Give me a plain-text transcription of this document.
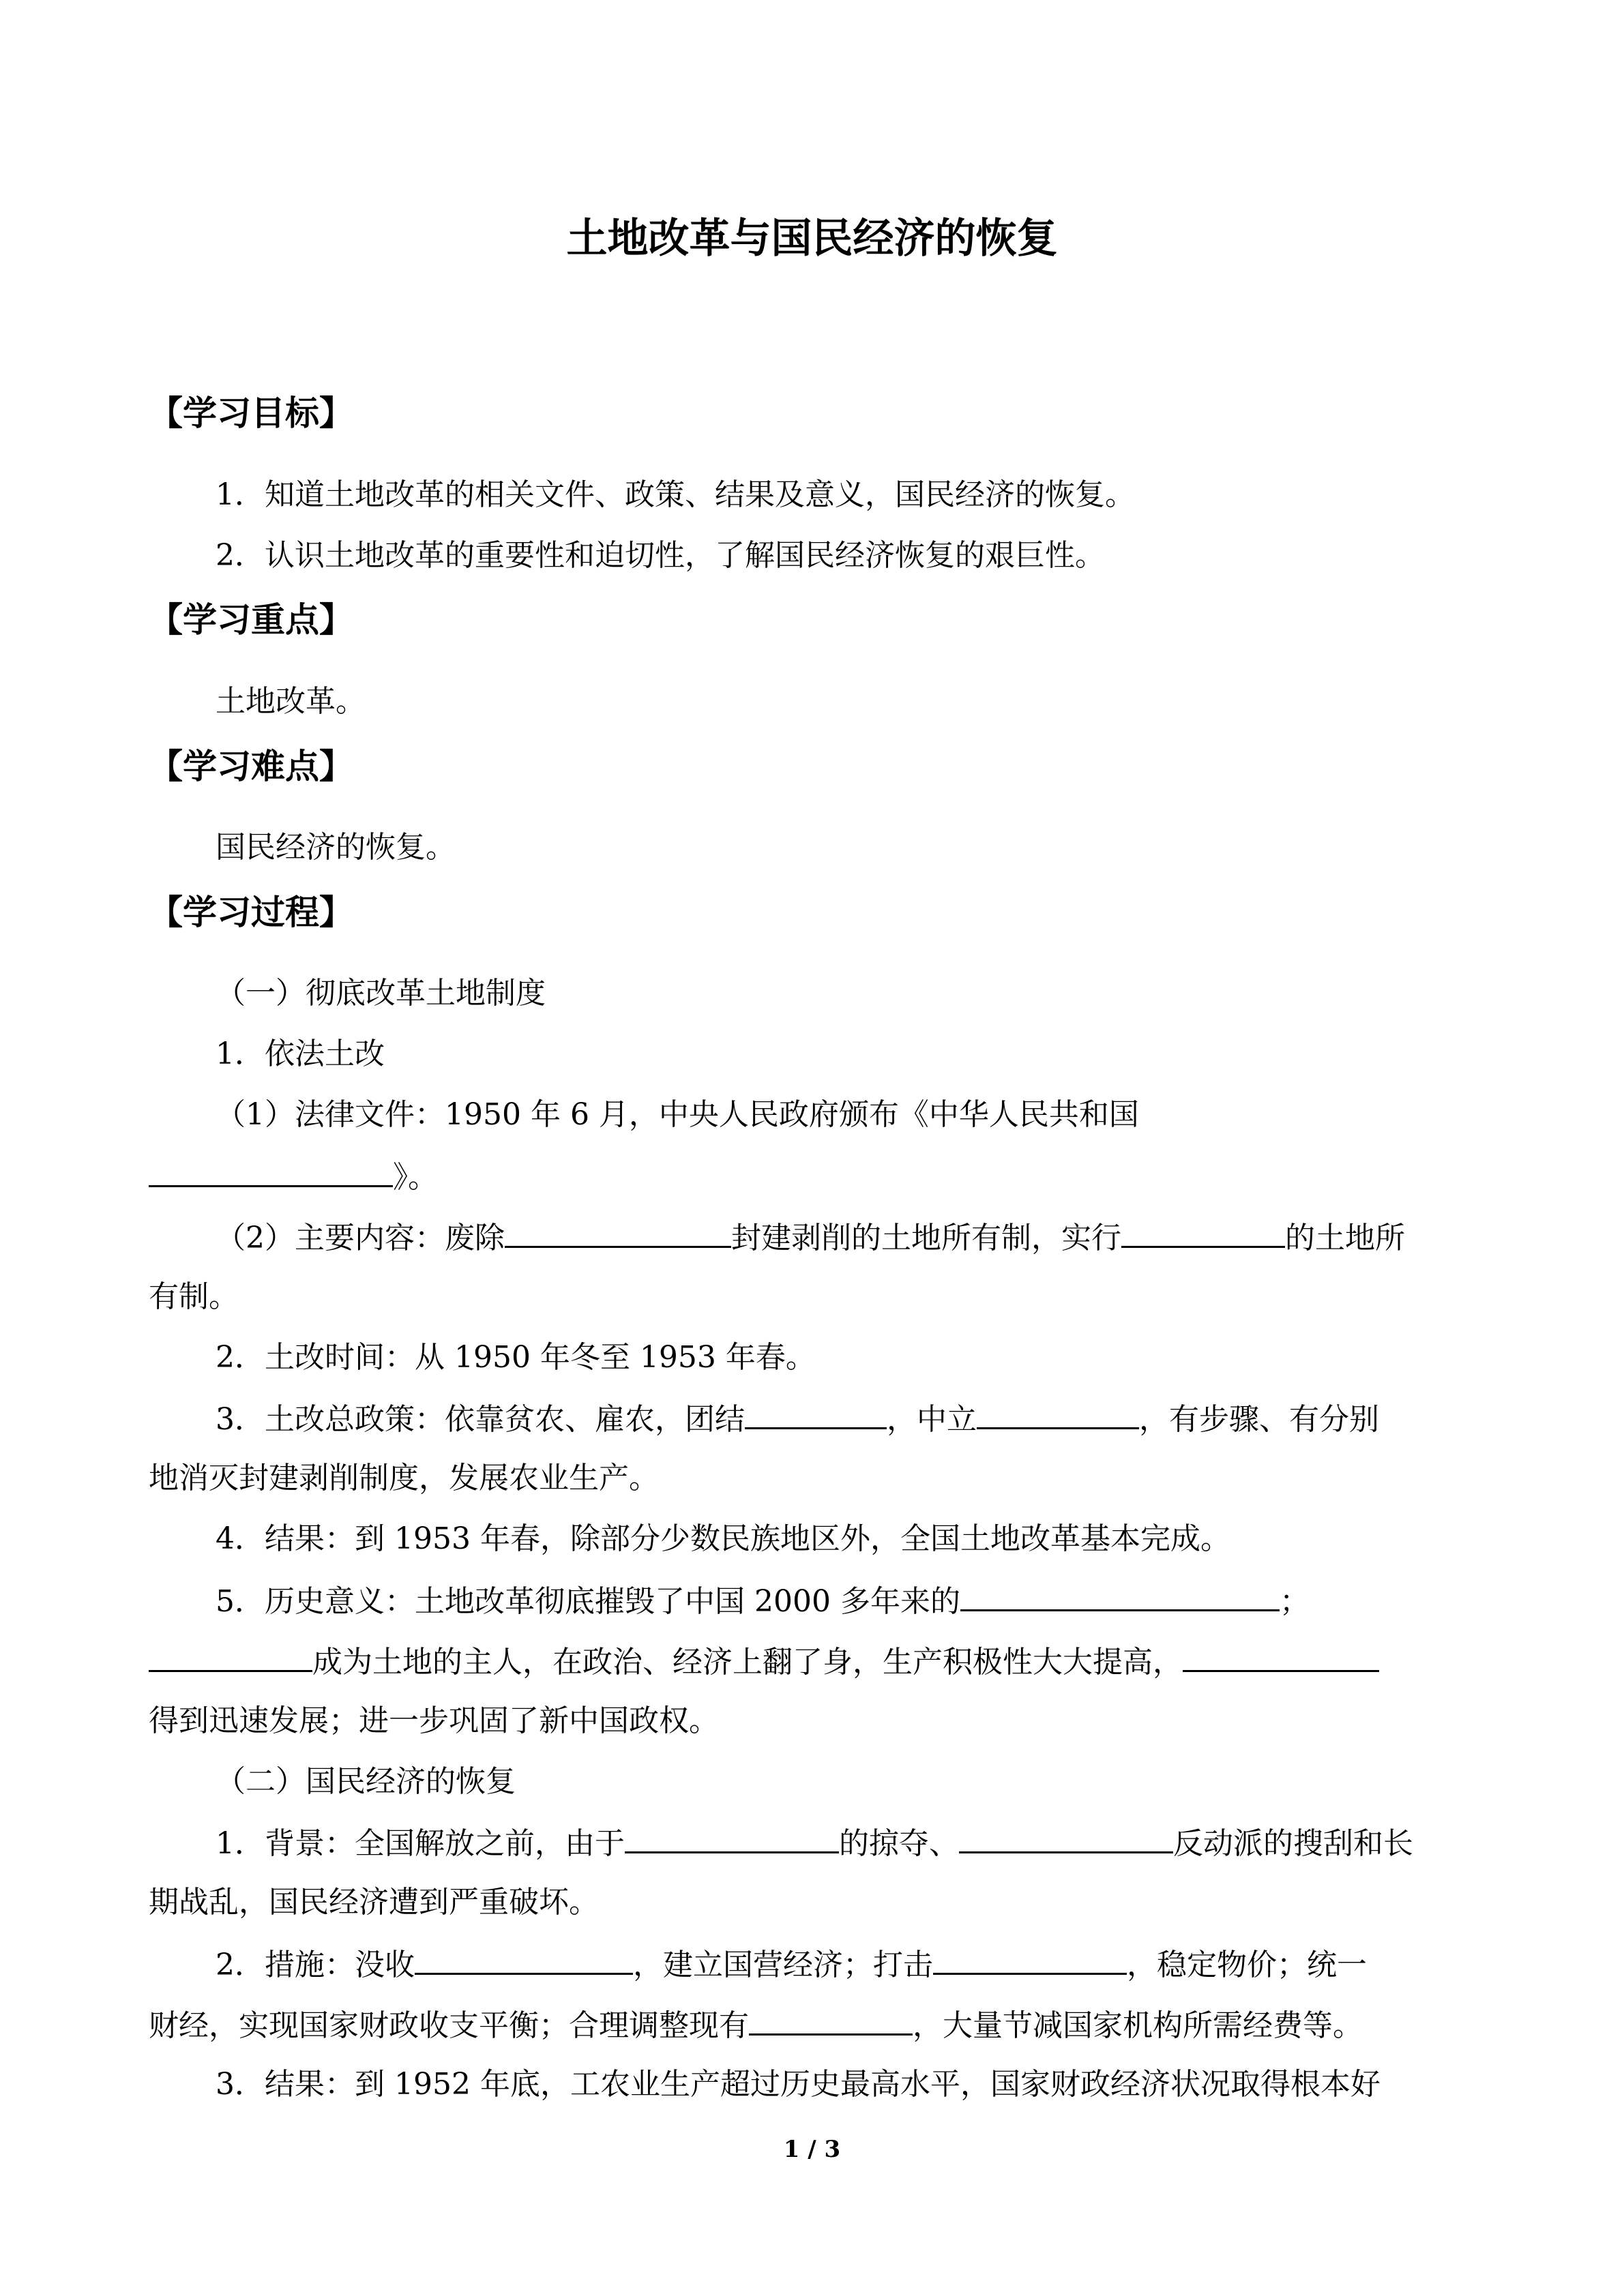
土地改革与国民经济的恢复
【学习目标】
1．知道土地改革的相关文件、政策、结果及意义，国民经济的恢复。
2．认识土地改革的重要性和迫切性，了解国民经济恢复的艰巨性。
【学习重点】
土地改革。
【学习难点】
国民经济的恢复。
【学习过程】
（一）彻底改革土地制度
1．依法土改
（1）法律文件：1950 年 6 月，中央人民政府颁布《中华人民共和国
》。
（2）主要内容：废除	封建剥削的土地所有制，实行	的土地所
有制。
2．土改时间：从 1950 年冬至 1953 年春。
3．土改总政策：依靠贫农、雇农，团结	，中立	，有步骤、有分别
地消灭封建剥削制度，发展农业生产。
4．结果：到 1953 年春，除部分少数民族地区外，全国土地改革基本完成。
5．历史意义：土地改革彻底摧毁了中国 2000 多年来的	；
成为土地的主人，在政治、经济上翻了身，生产积极性大大提高，
得到迅速发展；进一步巩固了新中国政权。
（二）国民经济的恢复
1．背景：全国解放之前，由于	的掠夺、	反动派的搜刮和长
期战乱，国民经济遭到严重破坏。
2．措施：没收	，建立国营经济；打击	，稳定物价；统一
财经，实现国家财政收支平衡；合理调整现有	，大量节减国家机构所需经费等。
3．结果：到 1952 年底，工农业生产超过历史最高水平，国家财政经济状况取得根本好
1 / 3
